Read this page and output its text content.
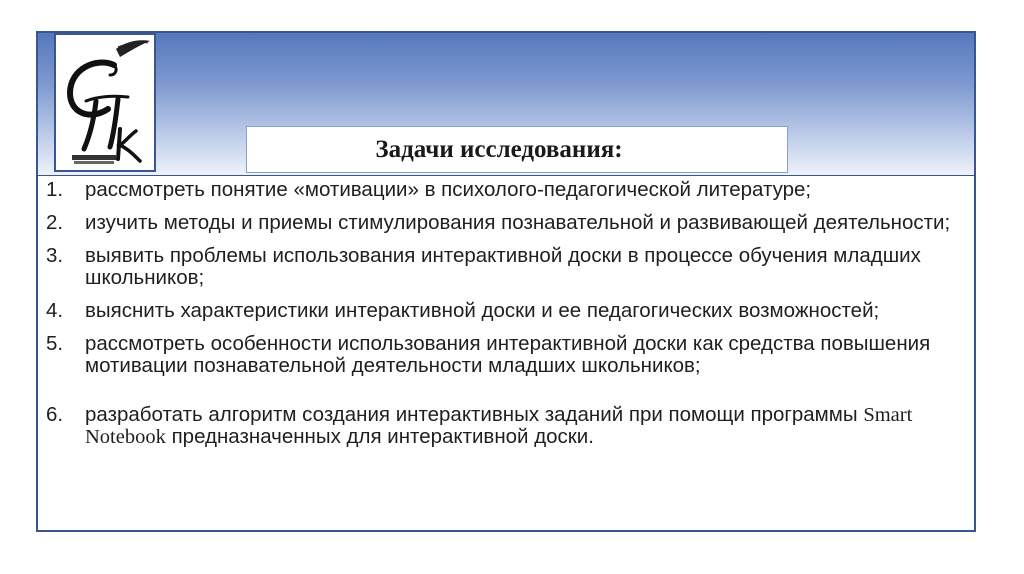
Задачи исследования:
1. рассмотреть понятие «мотивации» в психолого-педагогической литературе;
2. изучить методы и приемы стимулирования познавательной и развивающей деятельности;
3. выявить проблемы использования интерактивной доски в процессе обучения младших школьников;
4. выяснить характеристики интерактивной доски и ее педагогических возможностей;
5. рассмотреть особенности использования интерактивной доски как средства повышения мотивации познавательной деятельности младших школьников;
6. разработать алгоритм создания интерактивных заданий при помощи программы Smart Notebook предназначенных для интерактивной доски.
